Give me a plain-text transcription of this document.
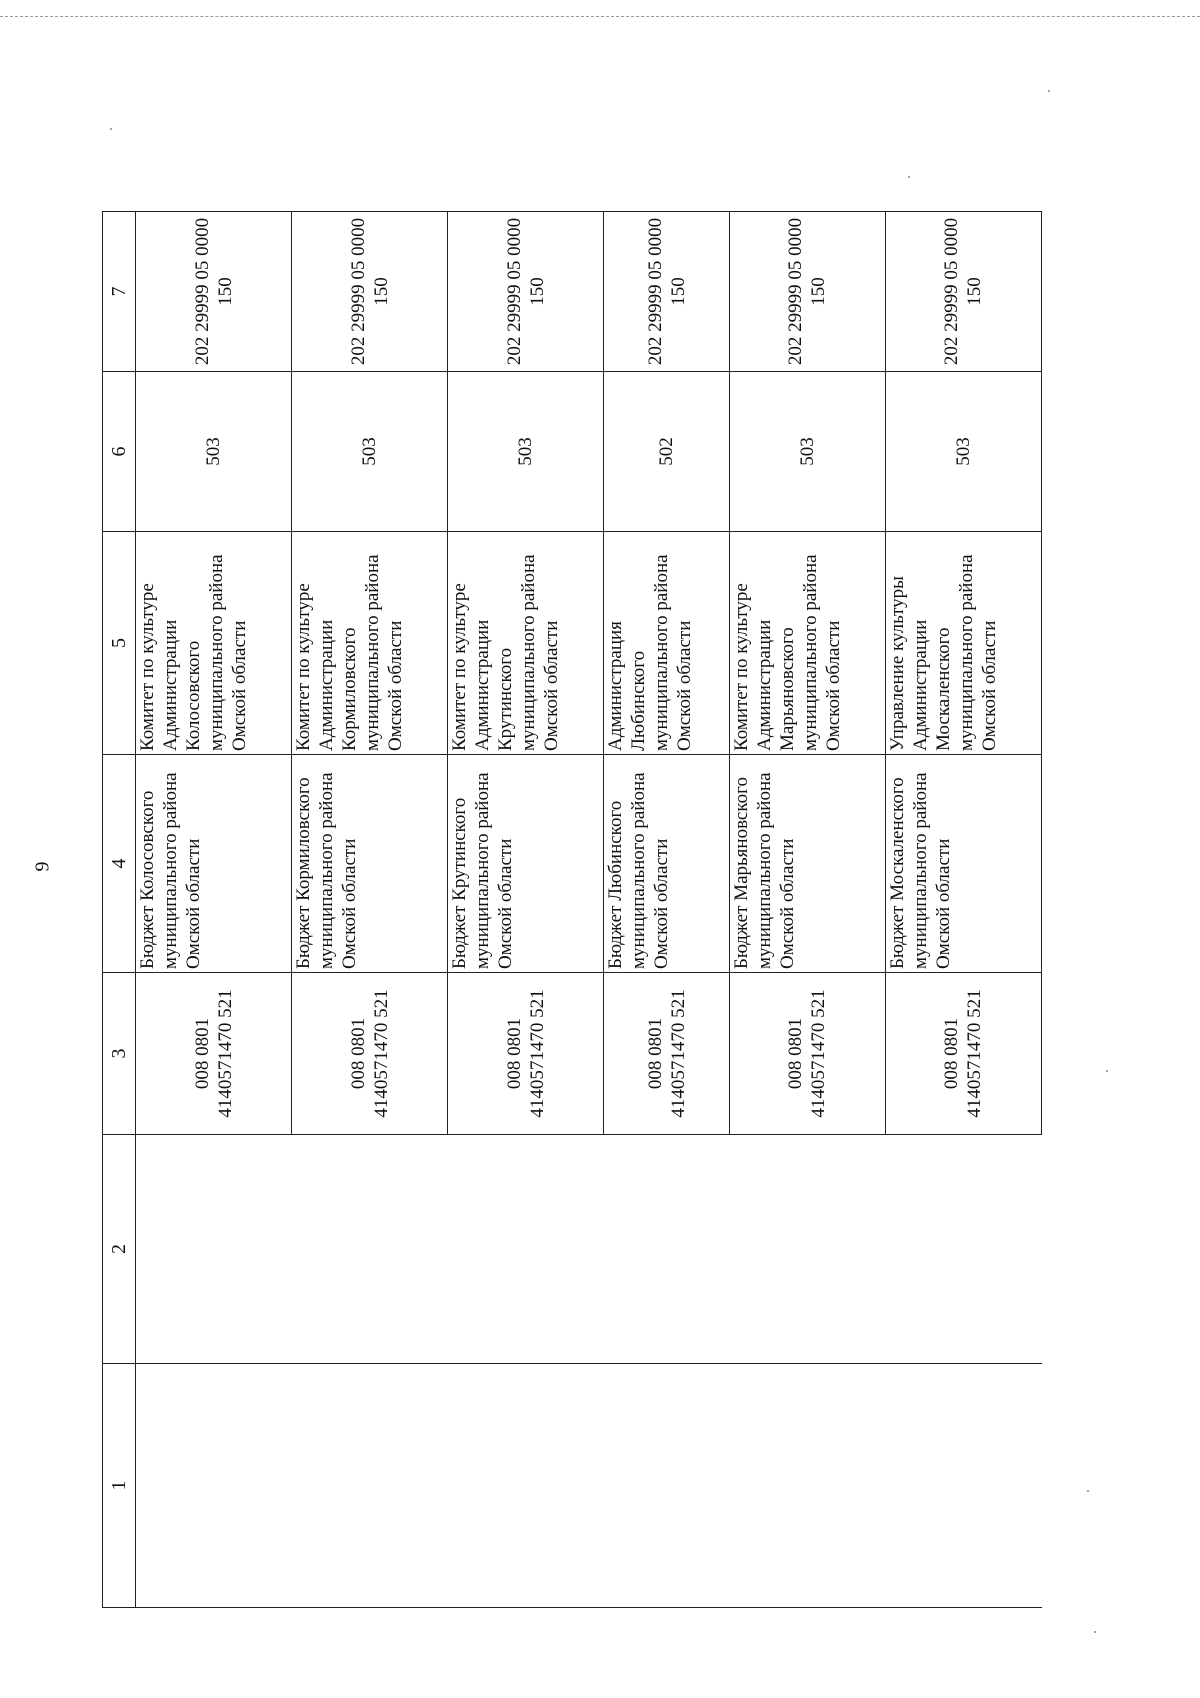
9
1	2	3	4	5	6	7

		008 0801 4140571470 521	Бюджет Колосовского муниципального района Омской области	Комитет по культуре Администрации Колосовского муниципального района Омской области	503	202 29999 05 0000 150

		008 0801 4140571470 521	Бюджет Кормиловского муниципального района Омской области	Комитет по культуре Администрации Кормиловского муниципального района Омской области	503	202 29999 05 0000 150

		008 0801 4140571470 521	Бюджет Крутинского муниципального района Омской области	Комитет по культуре Администрации Крутинского муниципального района Омской области	503	202 29999 05 0000 150

		008 0801 4140571470 521	Бюджет Любинского муниципального района Омской области	Администрация Любинского муниципального района Омской области	502	202 29999 05 0000 150

		008 0801 4140571470 521	Бюджет Марьяновского муниципального района Омской области	Комитет по культуре Администрации Марьяновского муниципального района Омской области	503	202 29999 05 0000 150

		008 0801 4140571470 521	Бюджет Москаленского муниципального района Омской области	Управление культуры Администрации Москаленского муниципального района Омской области	503	202 29999 05 0000 150
